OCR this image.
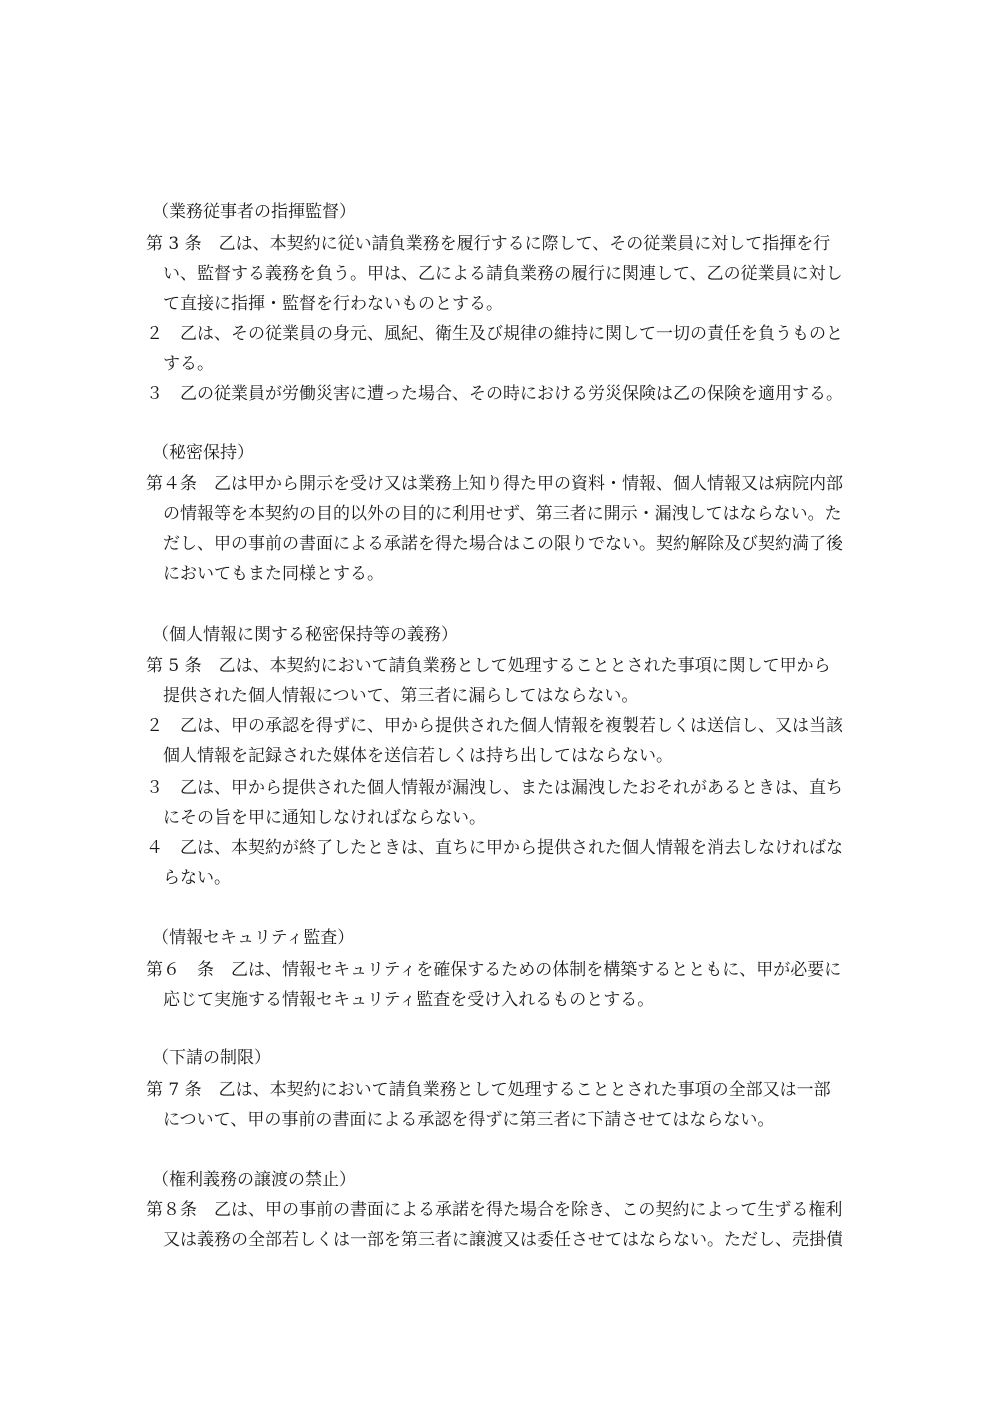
（業務従事者の指揮監督）
第 3 条　乙は、本契約に従い請負業務を履行するに際して、その従業員に対して指揮を行
い、監督する義務を負う。甲は、乙による請負業務の履行に関連して、乙の従業員に対し
て直接に指揮・監督を行わないものとする。
２　乙は、その従業員の身元、風紀、衛生及び規律の維持に関して一切の責任を負うものと
する。
３　乙の従業員が労働災害に遭った場合、その時における労災保険は乙の保険を適用する。
（秘密保持）
第４条　乙は甲から開示を受け又は業務上知り得た甲の資料・情報、個人情報又は病院内部
の情報等を本契約の目的以外の目的に利用せず、第三者に開示・漏洩してはならない。た
だし、甲の事前の書面による承諾を得た場合はこの限りでない。契約解除及び契約満了後
においてもまた同様とする。
（個人情報に関する秘密保持等の義務）
第 5 条　乙は、本契約において請負業務として処理することとされた事項に関して甲から
提供された個人情報について、第三者に漏らしてはならない。
２　乙は、甲の承認を得ずに、甲から提供された個人情報を複製若しくは送信し、又は当該
個人情報を記録された媒体を送信若しくは持ち出してはならない。
３　乙は、甲から提供された個人情報が漏洩し、または漏洩したおそれがあるときは、直ち
にその旨を甲に通知しなければならない。
４　乙は、本契約が終了したときは、直ちに甲から提供された個人情報を消去しなければな
らない。
（情報セキュリティ監査）
第６　条　乙は、情報セキュリティを確保するための体制を構築するとともに、甲が必要に
応じて実施する情報セキュリティ監査を受け入れるものとする。
（下請の制限）
第 7 条　乙は、本契約において請負業務として処理することとされた事項の全部又は一部
について、甲の事前の書面による承認を得ずに第三者に下請させてはならない。
（権利義務の譲渡の禁止）
第８条　乙は、甲の事前の書面による承諾を得た場合を除き、この契約によって生ずる権利
又は義務の全部若しくは一部を第三者に譲渡又は委任させてはならない。ただし、売掛債
